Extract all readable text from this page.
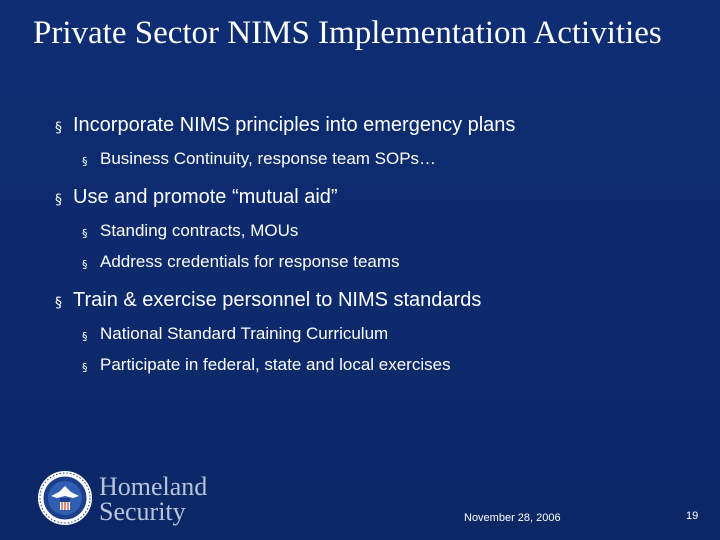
Private Sector NIMS Implementation Activities
§ Incorporate NIMS principles into emergency plans
§ Business Continuity, response team SOPs…
§ Use and promote “mutual aid”
§ Standing contracts, MOUs
§ Address credentials for response teams
§ Train & exercise personnel to NIMS standards
§ National Standard Training Curriculum
§ Participate in federal, state and local exercises
Homeland
Security	November 28, 2006	19
